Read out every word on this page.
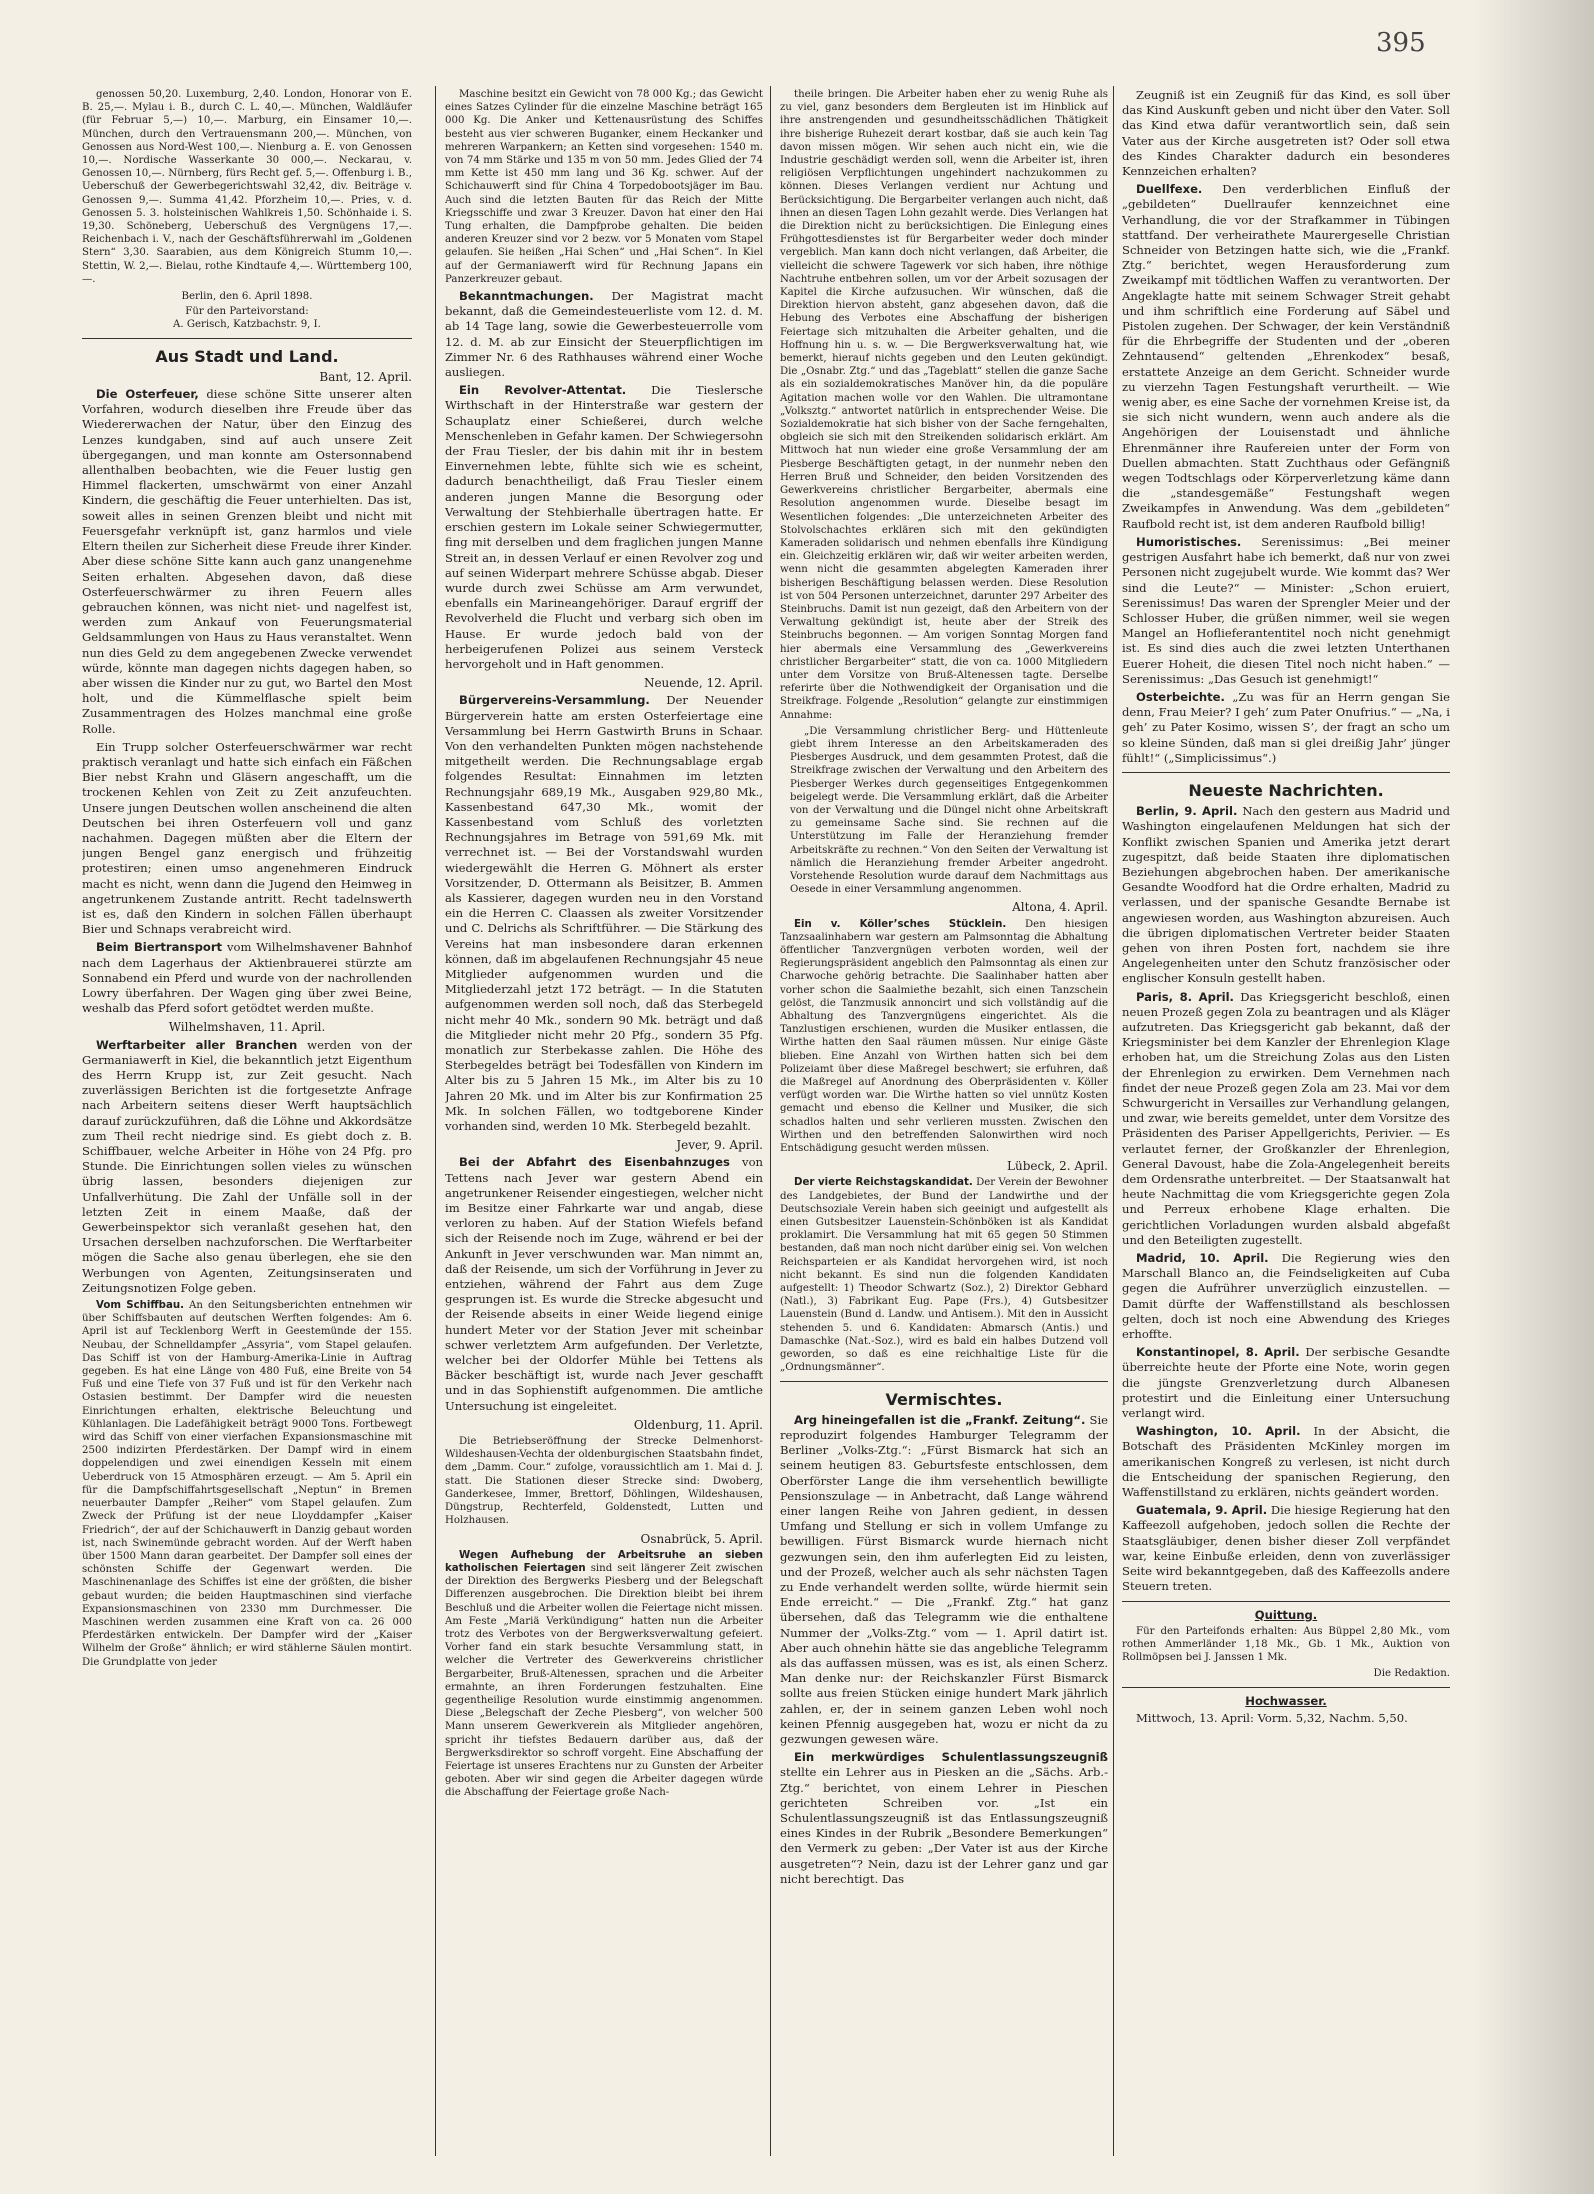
395

genossen 50,20. Luxemburg, 2,40. London, Honorar von E. B. 25,—. Mylau i. B., durch C. L. 40,—. München, Waldläufer (für Februar 5,—) 10,—. Marburg, ein Einsamer 10,—. München, durch den Vertrauensmann 200,—. München, von Genossen aus Nord-West 100,—. Nienburg a. E. von Genossen 10,—. Nordische Wasserkante 30 000,—. Neckarau, v. Genossen 10,—. Nürnberg, fürs Recht gef. 5,—. Offenburg i. B., Ueberschuß der Gewerbegerichtswahl 32,42, div. Beiträge v. Genossen 9,—. Summa 41,42. Pforzheim 10,—. Pries, v. d. Genossen 5. 3. holsteinischen Wahlkreis 1,50. Schönhaide i. S. 19,30. Schöneberg, Ueberschuß des Vergnügens 17,—. Reichenbach i. V., nach der Geschäftsführerwahl im „Goldenen Stern“ 3,30. Saarabien, aus dem Königreich Stumm 10,—. Stettin, W. 2,—. Bielau, rothe Kindtaufe 4,—. Württemberg 100,—.

Berlin, den 6. April 1898.

Für den Parteivorstand:

A. Gerisch, Katzbachstr. 9, I.

Aus Stadt und Land.

Bant, 12. April.

Die Osterfeuer, diese schöne Sitte unserer alten Vorfahren, wodurch dieselben ihre Freude über das Wiedererwachen der Natur, über den Einzug des Lenzes kundgaben, sind auf auch unsere Zeit übergegangen, und man konnte am Ostersonnabend allenthalben beobachten, wie die Feuer lustig gen Himmel flackerten, umschwärmt von einer Anzahl Kindern, die geschäftig die Feuer unterhielten. Das ist, soweit alles in seinen Grenzen bleibt und nicht mit Feuersgefahr verknüpft ist, ganz harmlos und viele Eltern theilen zur Sicherheit diese Freude ihrer Kinder. Aber diese schöne Sitte kann auch ganz unangenehme Seiten erhalten. Abgesehen davon, daß diese Osterfeuerschwärmer zu ihren Feuern alles gebrauchen können, was nicht niet- und nagelfest ist, werden zum Ankauf von Feuerungsmaterial Geldsammlungen von Haus zu Haus veranstaltet. Wenn nun dies Geld zu dem angegebenen Zwecke verwendet würde, könnte man dagegen nichts dagegen haben, so aber wissen die Kinder nur zu gut, wo Bartel den Most holt, und die Kümmelflasche spielt beim Zusammentragen des Holzes manchmal eine große Rolle.

Ein Trupp solcher Osterfeuerschwärmer war recht praktisch veranlagt und hatte sich einfach ein Fäßchen Bier nebst Krahn und Gläsern angeschafft, um die trockenen Kehlen von Zeit zu Zeit anzufeuchten. Unsere jungen Deutschen wollen anscheinend die alten Deutschen bei ihren Osterfeuern voll und ganz nachahmen. Dagegen müßten aber die Eltern der jungen Bengel ganz energisch und frühzeitig protestiren; einen umso angenehmeren Eindruck macht es nicht, wenn dann die Jugend den Heimweg in angetrunkenem Zustande antritt. Recht tadelnswerth ist es, daß den Kindern in solchen Fällen überhaupt Bier und Schnaps verabreicht wird.

Beim Biertransport vom Wilhelmshavener Bahnhof nach dem Lagerhaus der Aktienbrauerei stürzte am Sonnabend ein Pferd und wurde von der nachrollenden Lowry überfahren. Der Wagen ging über zwei Beine, weshalb das Pferd sofort getödtet werden mußte.

Wilhelmshaven, 11. April.

Werftarbeiter aller Branchen werden von der Germaniawerft in Kiel, die bekanntlich jetzt Eigenthum des Herrn Krupp ist, zur Zeit gesucht. Nach zuverlässigen Berichten ist die fortgesetzte Anfrage nach Arbeitern seitens dieser Werft hauptsächlich darauf zurückzuführen, daß die Löhne und Akkordsätze zum Theil recht niedrige sind. Es giebt doch z. B. Schiffbauer, welche Arbeiter in Höhe von 24 Pfg. pro Stunde. Die Einrichtungen sollen vieles zu wünschen übrig lassen, besonders diejenigen zur Unfallverhütung. Die Zahl der Unfälle soll in der letzten Zeit in einem Maaße, daß der Gewerbeinspektor sich veranlaßt gesehen hat, den Ursachen derselben nachzuforschen. Die Werftarbeiter mögen die Sache also genau überlegen, ehe sie den Werbungen von Agenten, Zeitungsinseraten und Zeitungsnotizen Folge geben.

Vom Schiffbau. An den Seitungsberichten entnehmen wir über Schiffsbauten auf deutschen Werften folgendes: Am 6. April ist auf Tecklenborg Werft in Geestemünde der 155. Neubau, der Schnelldampfer „Assyria“, vom Stapel gelaufen. Das Schiff ist von der Hamburg-Amerika-Linie in Auftrag gegeben. Es hat eine Länge von 480 Fuß, eine Breite von 54 Fuß und eine Tiefe von 37 Fuß und ist für den Verkehr nach Ostasien bestimmt. Der Dampfer wird die neuesten Einrichtungen erhalten, elektrische Beleuchtung und Kühlanlagen. Die Ladefähigkeit beträgt 9000 Tons. Fortbewegt wird das Schiff von einer vierfachen Expansionsmaschine mit 2500 indizirten Pferdestärken. Der Dampf wird in einem doppelendigen und zwei einendigen Kesseln mit einem Ueberdruck von 15 Atmosphären erzeugt. — Am 5. April ein für die Dampfschiffahrtsgesellschaft „Neptun“ in Bremen neuerbauter Dampfer „Reiher“ vom Stapel gelaufen. Zum Zweck der Prüfung ist der neue Lloyddampfer „Kaiser Friedrich“, der auf der Schichauwerft in Danzig gebaut worden ist, nach Swinemünde gebracht worden. Auf der Werft haben über 1500 Mann daran gearbeitet. Der Dampfer soll eines der schönsten Schiffe der Gegenwart werden. Die Maschinenanlage des Schiffes ist eine der größten, die bisher gebaut wurden; die beiden Hauptmaschinen sind vierfache Expansionsmaschinen von 2330 mm Durchmesser. Die Maschinen werden zusammen eine Kraft von ca. 26 000 Pferdestärken entwickeln. Der Dampfer wird der „Kaiser Wilhelm der Große“ ähnlich; er wird stählerne Säulen montirt. Die Grundplatte von jeder

Maschine besitzt ein Gewicht von 78 000 Kg.; das Gewicht eines Satzes Cylinder für die einzelne Maschine beträgt 165 000 Kg. Die Anker und Kettenausrüstung des Schiffes besteht aus vier schweren Buganker, einem Heckanker und mehreren Warpankern; an Ketten sind vorgesehen: 1540 m. von 74 mm Stärke und 135 m von 50 mm. Jedes Glied der 74 mm Kette ist 450 mm lang und 36 Kg. schwer. Auf der Schichauwerft sind für China 4 Torpedobootsjäger im Bau. Auch sind die letzten Bauten für das Reich der Mitte Kriegsschiffe und zwar 3 Kreuzer. Davon hat einer den Hai Tung erhalten, die Dampfprobe gehalten. Die beiden anderen Kreuzer sind vor 2 bezw. vor 5 Monaten vom Stapel gelaufen. Sie heißen „Hai Schen“ und „Hai Schen“. In Kiel auf der Germaniawerft wird für Rechnung Japans ein Panzerkreuzer gebaut.

Bekanntmachungen. Der Magistrat macht bekannt, daß die Gemeindesteuerliste vom 12. d. M. ab 14 Tage lang, sowie die Gewerbesteuerrolle vom 12. d. M. ab zur Einsicht der Steuerpflichtigen im Zimmer Nr. 6 des Rathhauses während einer Woche ausliegen.

Ein Revolver-Attentat. Die Tieslersche Wirthschaft in der Hinterstraße war gestern der Schauplatz einer Schießerei, durch welche Menschenleben in Gefahr kamen. Der Schwiegersohn der Frau Tiesler, der bis dahin mit ihr in bestem Einvernehmen lebte, fühlte sich wie es scheint, dadurch benachtheiligt, daß Frau Tiesler einem anderen jungen Manne die Besorgung oder Verwaltung der Stehbierhalle übertragen hatte. Er erschien gestern im Lokale seiner Schwiegermutter, fing mit derselben und dem fraglichen jungen Manne Streit an, in dessen Verlauf er einen Revolver zog und auf seinen Widerpart mehrere Schüsse abgab. Dieser wurde durch zwei Schüsse am Arm verwundet, ebenfalls ein Marineangehöriger. Darauf ergriff der Revolverheld die Flucht und verbarg sich oben im Hause. Er wurde jedoch bald von der herbeigerufenen Polizei aus seinem Versteck hervorgeholt und in Haft genommen.

Neuende, 12. April.

Bürgervereins-Versammlung. Der Neuender Bürgerverein hatte am ersten Osterfeiertage eine Versammlung bei Herrn Gastwirth Bruns in Schaar. Von den verhandelten Punkten mögen nachstehende mitgetheilt werden. Die Rechnungsablage ergab folgendes Resultat: Einnahmen im letzten Rechnungsjahr 689,19 Mk., Ausgaben 929,80 Mk., Kassenbestand 647,30 Mk., womit der Kassenbestand vom Schluß des vorletzten Rechnungsjahres im Betrage von 591,69 Mk. mit verrechnet ist. — Bei der Vorstandswahl wurden wiedergewählt die Herren G. Möhnert als erster Vorsitzender, D. Ottermann als Beisitzer, B. Ammen als Kassierer, dagegen wurden neu in den Vorstand ein die Herren C. Claassen als zweiter Vorsitzender und C. Delrichs als Schriftführer. — Die Stärkung des Vereins hat man insbesondere daran erkennen können, daß im abgelaufenen Rechnungsjahr 45 neue Mitglieder aufgenommen wurden und die Mitgliederzahl jetzt 172 beträgt. — In die Statuten aufgenommen werden soll noch, daß das Sterbegeld nicht mehr 40 Mk., sondern 90 Mk. beträgt und daß die Mitglieder nicht mehr 20 Pfg., sondern 35 Pfg. monatlich zur Sterbekasse zahlen. Die Höhe des Sterbegeldes beträgt bei Todesfällen von Kindern im Alter bis zu 5 Jahren 15 Mk., im Alter bis zu 10 Jahren 20 Mk. und im Alter bis zur Konfirmation 25 Mk. In solchen Fällen, wo todtgeborene Kinder vorhanden sind, werden 10 Mk. Sterbegeld bezahlt.

Jever, 9. April.

Bei der Abfahrt des Eisenbahnzuges von Tettens nach Jever war gestern Abend ein angetrunkener Reisender eingestiegen, welcher nicht im Besitze einer Fahrkarte war und angab, diese verloren zu haben. Auf der Station Wiefels befand sich der Reisende noch im Zuge, während er bei der Ankunft in Jever verschwunden war. Man nimmt an, daß der Reisende, um sich der Vorführung in Jever zu entziehen, während der Fahrt aus dem Zuge gesprungen ist. Es wurde die Strecke abgesucht und der Reisende abseits in einer Weide liegend einige hundert Meter vor der Station Jever mit scheinbar schwer verletztem Arm aufgefunden. Der Verletzte, welcher bei der Oldorfer Mühle bei Tettens als Bäcker beschäftigt ist, wurde nach Jever geschafft und in das Sophienstift aufgenommen. Die amtliche Untersuchung ist eingeleitet.

Oldenburg, 11. April.

Die Betriebseröffnung der Strecke Delmenhorst-Wildeshausen-Vechta der oldenburgischen Staatsbahn findet, dem „Damm. Cour.“ zufolge, voraussichtlich am 1. Mai d. J. statt. Die Stationen dieser Strecke sind: Dwoberg, Ganderkesee, Immer, Brettorf, Döhlingen, Wildeshausen, Düngstrup, Rechterfeld, Goldenstedt, Lutten und Holzhausen.

Osnabrück, 5. April.

Wegen Aufhebung der Arbeitsruhe an sieben katholischen Feiertagen sind seit längerer Zeit zwischen der Direktion des Bergwerks Piesberg und der Belegschaft Differenzen ausgebrochen. Die Direktion bleibt bei ihrem Beschluß und die Arbeiter wollen die Feiertage nicht missen. Am Feste „Mariä Verkündigung“ hatten nun die Arbeiter trotz des Verbotes von der Bergwerksverwaltung gefeiert. Vorher fand ein stark besuchte Versammlung statt, in welcher die Vertreter des Gewerkvereins christlicher Bergarbeiter, Bruß-Altenessen, sprachen und die Arbeiter ermahnte, an ihren Forderungen festzuhalten. Eine gegentheilige Resolution wurde einstimmig angenommen. Diese „Belegschaft der Zeche Piesberg“, von welcher 500 Mann unserem Gewerkverein als Mitglieder angehören, spricht ihr tiefstes Bedauern darüber aus, daß der Bergwerksdirektor so schroff vorgeht. Eine Abschaffung der Feiertage ist unseres Erachtens nur zu Gunsten der Arbeiter geboten. Aber wir sind gegen die Arbeiter dagegen würde die Abschaffung der Feiertage große Nach-

theile bringen. Die Arbeiter haben eher zu wenig Ruhe als zu viel, ganz besonders dem Bergleuten ist im Hinblick auf ihre anstrengenden und gesundheitsschädlichen Thätigkeit ihre bisherige Ruhezeit derart kostbar, daß sie auch kein Tag davon missen mögen. Wir sehen auch nicht ein, wie die Industrie geschädigt werden soll, wenn die Arbeiter ist, ihren religiösen Verpflichtungen ungehindert nachzukommen zu können. Dieses Verlangen verdient nur Achtung und Berücksichtigung. Die Bergarbeiter verlangen auch nicht, daß ihnen an diesen Tagen Lohn gezahlt werde. Dies Verlangen hat die Direktion nicht zu berücksichtigen. Die Einlegung eines Frühgottesdienstes ist für Bergarbeiter weder doch minder vergeblich. Man kann doch nicht verlangen, daß Arbeiter, die vielleicht die schwere Tagewerk vor sich haben, ihre nöthige Nachtruhe entbehren sollen, um vor der Arbeit sozusagen der Kapitel die Kirche aufzusuchen. Wir wünschen, daß die Direktion hiervon absteht, ganz abgesehen davon, daß die Hebung des Verbotes eine Abschaffung der bisherigen Feiertage sich mitzuhalten die Arbeiter gehalten, und die Hoffnung hin u. s. w. — Die Bergwerksverwaltung hat, wie bemerkt, hierauf nichts gegeben und den Leuten gekündigt. Die „Osnabr. Ztg.“ und das „Tageblatt“ stellen die ganze Sache als ein sozialdemokratisches Manöver hin, da die populäre Agitation machen wolle vor den Wahlen. Die ultramontane „Volksztg.“ antwortet natürlich in entsprechender Weise. Die Sozialdemokratie hat sich bisher von der Sache ferngehalten, obgleich sie sich mit den Streikenden solidarisch erklärt. Am Mittwoch hat nun wieder eine große Versammlung der am Piesberge Beschäftigten getagt, in der nunmehr neben den Herren Bruß und Schneider, den beiden Vorsitzenden des Gewerkvereins christlicher Bergarbeiter, abermals eine Resolution angenommen wurde. Dieselbe besagt im Wesentlichen folgendes: „Die unterzeichneten Arbeiter des Stolvolschachtes erklären sich mit den gekündigten Kameraden solidarisch und nehmen ebenfalls ihre Kündigung ein. Gleichzeitig erklären wir, daß wir weiter arbeiten werden, wenn nicht die gesammten abgelegten Kameraden ihrer bisherigen Beschäftigung belassen werden. Diese Resolution ist von 504 Personen unterzeichnet, darunter 297 Arbeiter des Steinbruchs. Damit ist nun gezeigt, daß den Arbeitern von der Verwaltung gekündigt ist, heute aber der Streik des Steinbruchs begonnen. — Am vorigen Sonntag Morgen fand hier abermals eine Versammlung des „Gewerkvereins christlicher Bergarbeiter“ statt, die von ca. 1000 Mitgliedern unter dem Vorsitze von Bruß-Altenessen tagte. Derselbe referirte über die Nothwendigkeit der Organisation und die Streikfrage. Folgende „Resolution“ gelangte zur einstimmigen Annahme:

„Die Versammlung christlicher Berg- und Hüttenleute giebt ihrem Interesse an den Arbeitskameraden des Piesberges Ausdruck, und dem gesammten Protest, daß die Streikfrage zwischen der Verwaltung und den Arbeitern des Piesberger Werkes durch gegenseitiges Entgegenkommen beigelegt werde. Die Versammlung erklärt, daß die Arbeiter von der Verwaltung und die Düngel nicht ohne Arbeitskraft zu gemeinsame Sache sind. Sie rechnen auf die Unterstützung im Falle der Heranziehung fremder Arbeitskräfte zu rechnen.“ Von den Seiten der Verwaltung ist nämlich die Heranziehung fremder Arbeiter angedroht. Vorstehende Resolution wurde darauf dem Nachmittags aus Oesede in einer Versammlung angenommen.

Altona, 4. April.

Ein v. Köller’sches Stücklein. Den hiesigen Tanzsaalinhabern war gestern am Palmsonntag die Abhaltung öffentlicher Tanzvergnügen verboten worden, weil der Regierungspräsident angeblich den Palmsonntag als einen zur Charwoche gehörig betrachte. Die Saalinhaber hatten aber vorher schon die Saalmiethe bezahlt, sich einen Tanzschein gelöst, die Tanzmusik annoncirt und sich vollständig auf die Abhaltung des Tanzvergnügens eingerichtet. Als die Tanzlustigen erschienen, wurden die Musiker entlassen, die Wirthe hatten den Saal räumen müssen. Nur einige Gäste blieben. Eine Anzahl von Wirthen hatten sich bei dem Polizeiamt über diese Maßregel beschwert; sie erfuhren, daß die Maßregel auf Anordnung des Oberpräsidenten v. Köller verfügt worden war. Die Wirthe hatten so viel unnütz Kosten gemacht und ebenso die Kellner und Musiker, die sich schadlos halten und sehr verlieren mussten. Zwischen den Wirthen und den betreffenden Salonwirthen wird noch Entschädigung gesucht werden müssen.

Lübeck, 2. April.

Der vierte Reichstagskandidat. Der Verein der Bewohner des Landgebietes, der Bund der Landwirthe und der Deutschsoziale Verein haben sich geeinigt und aufgestellt als einen Gutsbesitzer Lauenstein-Schönböken ist als Kandidat proklamirt. Die Versammlung hat mit 65 gegen 50 Stimmen bestanden, daß man noch nicht darüber einig sei. Von welchen Reichsparteien er als Kandidat hervorgehen wird, ist noch nicht bekannt. Es sind nun die folgenden Kandidaten aufgestellt: 1) Theodor Schwartz (Soz.), 2) Direktor Gebhard (Natl.), 3) Fabrikant Eug. Pape (Frs.), 4) Gutsbesitzer Lauenstein (Bund d. Landw. und Antisem.). Mit den in Aussicht stehenden 5. und 6. Kandidaten: Abmarsch (Antis.) und Damaschke (Nat.-Soz.), wird es bald ein halbes Dutzend voll geworden, so daß es eine reichhaltige Liste für die „Ordnungsmänner“.

Vermischtes.

Arg hineingefallen ist die „Frankf. Zeitung“. Sie reproduzirt folgendes Hamburger Telegramm der Berliner „Volks-Ztg.“: „Fürst Bismarck hat sich an seinem heutigen 83. Geburtsfeste entschlossen, dem Oberförster Lange die ihm versehentlich bewilligte Pensionszulage — in Anbetracht, daß Lange während einer langen Reihe von Jahren gedient, in dessen Umfang und Stellung er sich in vollem Umfange zu bewilligen. Fürst Bismarck wurde hiernach nicht gezwungen sein, den ihm auferlegten Eid zu leisten, und der Prozeß, welcher auch als sehr nächsten Tagen zu Ende verhandelt werden sollte, würde hiermit sein Ende erreicht.“ — Die „Frankf. Ztg.“ hat ganz übersehen, daß das Telegramm wie die enthaltene Nummer der „Volks-Ztg.“ vom — 1. April datirt ist. Aber auch ohnehin hätte sie das angebliche Telegramm als das auffassen müssen, was es ist, als einen Scherz. Man denke nur: der Reichskanzler Fürst Bismarck sollte aus freien Stücken einige hundert Mark jährlich zahlen, er, der in seinem ganzen Leben wohl noch keinen Pfennig ausgegeben hat, wozu er nicht da zu gezwungen gewesen wäre.

Ein merkwürdiges Schulentlassungszeugniß stellte ein Lehrer aus in Piesken an die „Sächs. Arb.-Ztg.“ berichtet, von einem Lehrer in Pieschen gerichteten Schreiben vor. „Ist ein Schulentlassungszeugniß ist das Entlassungszeugniß eines Kindes in der Rubrik „Besondere Bemerkungen“ den Vermerk zu geben: „Der Vater ist aus der Kirche ausgetreten“? Nein, dazu ist der Lehrer ganz und gar nicht berechtigt. Das

Zeugniß ist ein Zeugniß für das Kind, es soll über das Kind Auskunft geben und nicht über den Vater. Soll das Kind etwa dafür verantwortlich sein, daß sein Vater aus der Kirche ausgetreten ist? Oder soll etwa des Kindes Charakter dadurch ein besonderes Kennzeichen erhalten?

Duellfexe. Den verderblichen Einfluß der „gebildeten“ Duellraufer kennzeichnet eine Verhandlung, die vor der Strafkammer in Tübingen stattfand. Der verheirathete Maurergeselle Christian Schneider von Betzingen hatte sich, wie die „Frankf. Ztg.“ berichtet, wegen Herausforderung zum Zweikampf mit tödtlichen Waffen zu verantworten. Der Angeklagte hatte mit seinem Schwager Streit gehabt und ihm schriftlich eine Forderung auf Säbel und Pistolen zugehen. Der Schwager, der kein Verständniß für die Ehrbegriffe der Studenten und der „oberen Zehntausend“ geltenden „Ehrenkodex“ besaß, erstattete Anzeige an dem Gericht. Schneider wurde zu vierzehn Tagen Festungshaft verurtheilt. — Wie wenig aber, es eine Sache der vornehmen Kreise ist, da sie sich nicht wundern, wenn auch andere als die Angehörigen der Louisenstadt und ähnliche Ehrenmänner ihre Raufereien unter der Form von Duellen abmachten. Statt Zuchthaus oder Gefängniß wegen Todtschlags oder Körperverletzung käme dann die „standesgemäße“ Festungshaft wegen Zweikampfes in Anwendung. Was dem „gebildeten“ Raufbold recht ist, ist dem anderen Raufbold billig!

Humoristisches. Serenissimus: „Bei meiner gestrigen Ausfahrt habe ich bemerkt, daß nur von zwei Personen nicht zugejubelt wurde. Wie kommt das? Wer sind die Leute?“ — Minister: „Schon eruiert, Serenissimus! Das waren der Sprengler Meier und der Schlosser Huber, die grüßen nimmer, weil sie wegen Mangel an Hoflieferantentitel noch nicht genehmigt ist. Es sind dies auch die zwei letzten Unterthanen Euerer Hoheit, die diesen Titel noch nicht haben.“ — Serenissimus: „Das Gesuch ist genehmigt!“

Osterbeichte. „Zu was für an Herrn gengan Sie denn, Frau Meier? I geh’ zum Pater Onufrius.“ — „Na, i geh’ zu Pater Kosimo, wissen S’, der fragt an scho um so kleine Sünden, daß man si glei dreißig Jahr’ jünger fühlt!“ („Simplicissimus“.)

Neueste Nachrichten.

Berlin, 9. April. Nach den gestern aus Madrid und Washington eingelaufenen Meldungen hat sich der Konflikt zwischen Spanien und Amerika jetzt derart zugespitzt, daß beide Staaten ihre diplomatischen Beziehungen abgebrochen haben. Der amerikanische Gesandte Woodford hat die Ordre erhalten, Madrid zu verlassen, und der spanische Gesandte Bernabe ist angewiesen worden, aus Washington abzureisen. Auch die übrigen diplomatischen Vertreter beider Staaten gehen von ihren Posten fort, nachdem sie ihre Angelegenheiten unter den Schutz französischer oder englischer Konsuln gestellt haben.

Paris, 8. April. Das Kriegsgericht beschloß, einen neuen Prozeß gegen Zola zu beantragen und als Kläger aufzutreten. Das Kriegsgericht gab bekannt, daß der Kriegsminister bei dem Kanzler der Ehrenlegion Klage erhoben hat, um die Streichung Zolas aus den Listen der Ehrenlegion zu erwirken. Dem Vernehmen nach findet der neue Prozeß gegen Zola am 23. Mai vor dem Schwurgericht in Versailles zur Verhandlung gelangen, und zwar, wie bereits gemeldet, unter dem Vorsitze des Präsidenten des Pariser Appellgerichts, Perivier. — Es verlautet ferner, der Großkanzler der Ehrenlegion, General Davoust, habe die Zola-Angelegenheit bereits dem Ordensrathe unterbreitet. — Der Staatsanwalt hat heute Nachmittag die vom Kriegsgerichte gegen Zola und Perreux erhobene Klage erhalten. Die gerichtlichen Vorladungen wurden alsbald abgefaßt und den Beteiligten zugestellt.

Madrid, 10. April. Die Regierung wies den Marschall Blanco an, die Feindseligkeiten auf Cuba gegen die Aufrührer unverzüglich einzustellen. — Damit dürfte der Waffenstillstand als beschlossen gelten, doch ist noch eine Abwendung des Krieges erhoffte.

Konstantinopel, 8. April. Der serbische Gesandte überreichte heute der Pforte eine Note, worin gegen die jüngste Grenzverletzung durch Albanesen protestirt und die Einleitung einer Untersuchung verlangt wird.

Washington, 10. April. In der Absicht, die Botschaft des Präsidenten McKinley morgen im amerikanischen Kongreß zu verlesen, ist nicht durch die Entscheidung der spanischen Regierung, den Waffenstillstand zu erklären, nichts geändert worden.

Guatemala, 9. April. Die hiesige Regierung hat den Kaffeezoll aufgehoben, jedoch sollen die Rechte der Staatsgläubiger, denen bisher dieser Zoll verpfändet war, keine Einbuße erleiden, denn von zuverlässiger Seite wird bekanntgegeben, daß des Kaffeezolls andere Steuern treten.

Quittung.

Für den Parteifonds erhalten: Aus Büppel 2,80 Mk., vom rothen Ammerländer 1,18 Mk., Gb. 1 Mk., Auktion von Rollmöpsen bei J. Janssen 1 Mk.

Die Redaktion.

Hochwasser.

Mittwoch, 13. April: Vorm. 5,32, Nachm. 5,50.
